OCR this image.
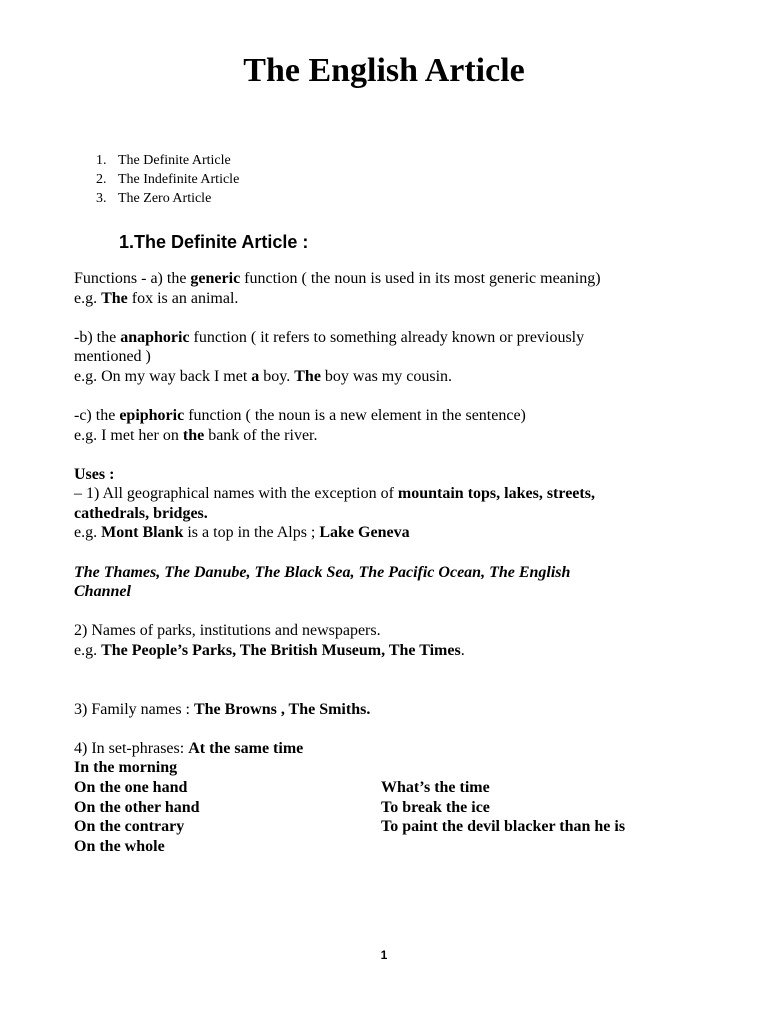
The English Article
1. The Definite Article
2. The Indefinite Article
3. The Zero Article
1.The Definite Article :
Functions - a) the generic function ( the noun is used in its most generic meaning)
e.g. The fox is an animal.
-b) the anaphoric function ( it refers to something already known or previously
mentioned )
e.g. On my way back I met a boy. The boy was my cousin.
-c) the epiphoric function ( the noun is a new element in the sentence)
e.g. I met her on the bank of the river.
Uses :
– 1) All geographical names with the exception of mountain tops, lakes, streets,
cathedrals, bridges.
e.g. Mont Blank is a top in the Alps ; Lake Geneva
The Thames, The Danube, The Black Sea, The Pacific Ocean, The English
Channel
2) Names of parks, institutions and newspapers.
e.g. The People’s Parks, The British Museum, The Times.
3) Family names : The Browns , The Smiths.
4) In set-phrases: At the same time
In the morning
On the one hand
On the other hand
On the contrary
On the whole
What’s the time
To break the ice
To paint the devil blacker than he is
1
